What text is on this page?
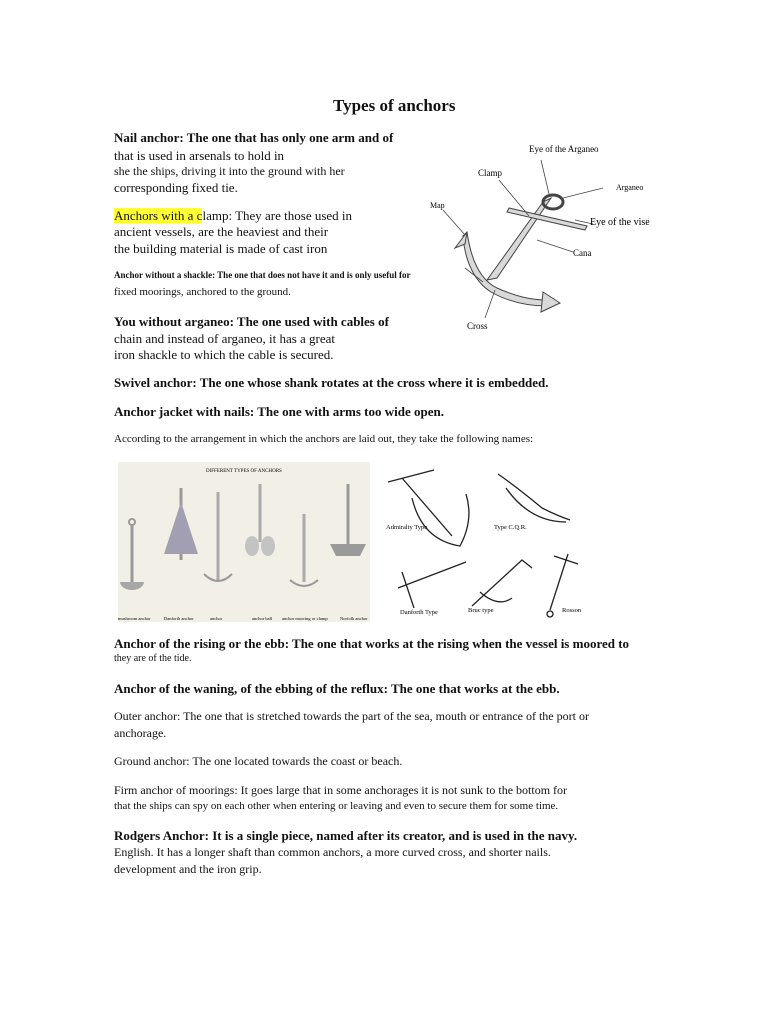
Types of anchors

Nail anchor: The one that has only one arm and of

that is used in arsenals to hold in

she the ships, driving it into the ground with her

corresponding fixed tie.

Anchors with a clamp: They are those used in

ancient vessels, are the heaviest and their

the building material is made of cast iron

Anchor without a shackle: The one that does not have it and is only useful for

fixed moorings, anchored to the ground.

You without arganeo: The one used with cables of

chain and instead of arganeo, it has a great

iron shackle to which the cable is secured.

Swivel anchor: The one whose shank rotates at the cross where it is embedded.

Anchor jacket with nails: The one with arms too wide open.

According to the arrangement in which the anchors are laid out, they take the following names:

Eye of the Arganeo
Clamp
Arganeo
Map
Eye of the vise
Cana
Cross
DIFFERENT TYPES OF ANCHORS
mushroom anchor	Danforth anchor	anchor	anchor ball anchor mooring or clamp	Norfolk anchor
Admiralty Type	Type C.Q.R.
Danforth Type	Bruc type	Rosson

Anchor of the rising or the ebb: The one that works at the rising when the vessel is moored to

they are of the tide.

Anchor of the waning, of the ebbing of the reflux: The one that works at the ebb.

Outer anchor: The one that is stretched towards the part of the sea, mouth or entrance of the port or

anchorage.

Ground anchor: The one located towards the coast or beach.

Firm anchor of moorings: It goes large that in some anchorages it is not sunk to the bottom for

that the ships can spy on each other when entering or leaving and even to secure them for some time.

Rodgers Anchor: It is a single piece, named after its creator, and is used in the navy.

English. It has a longer shaft than common anchors, a more curved cross, and shorter nails.

development and the iron grip.
